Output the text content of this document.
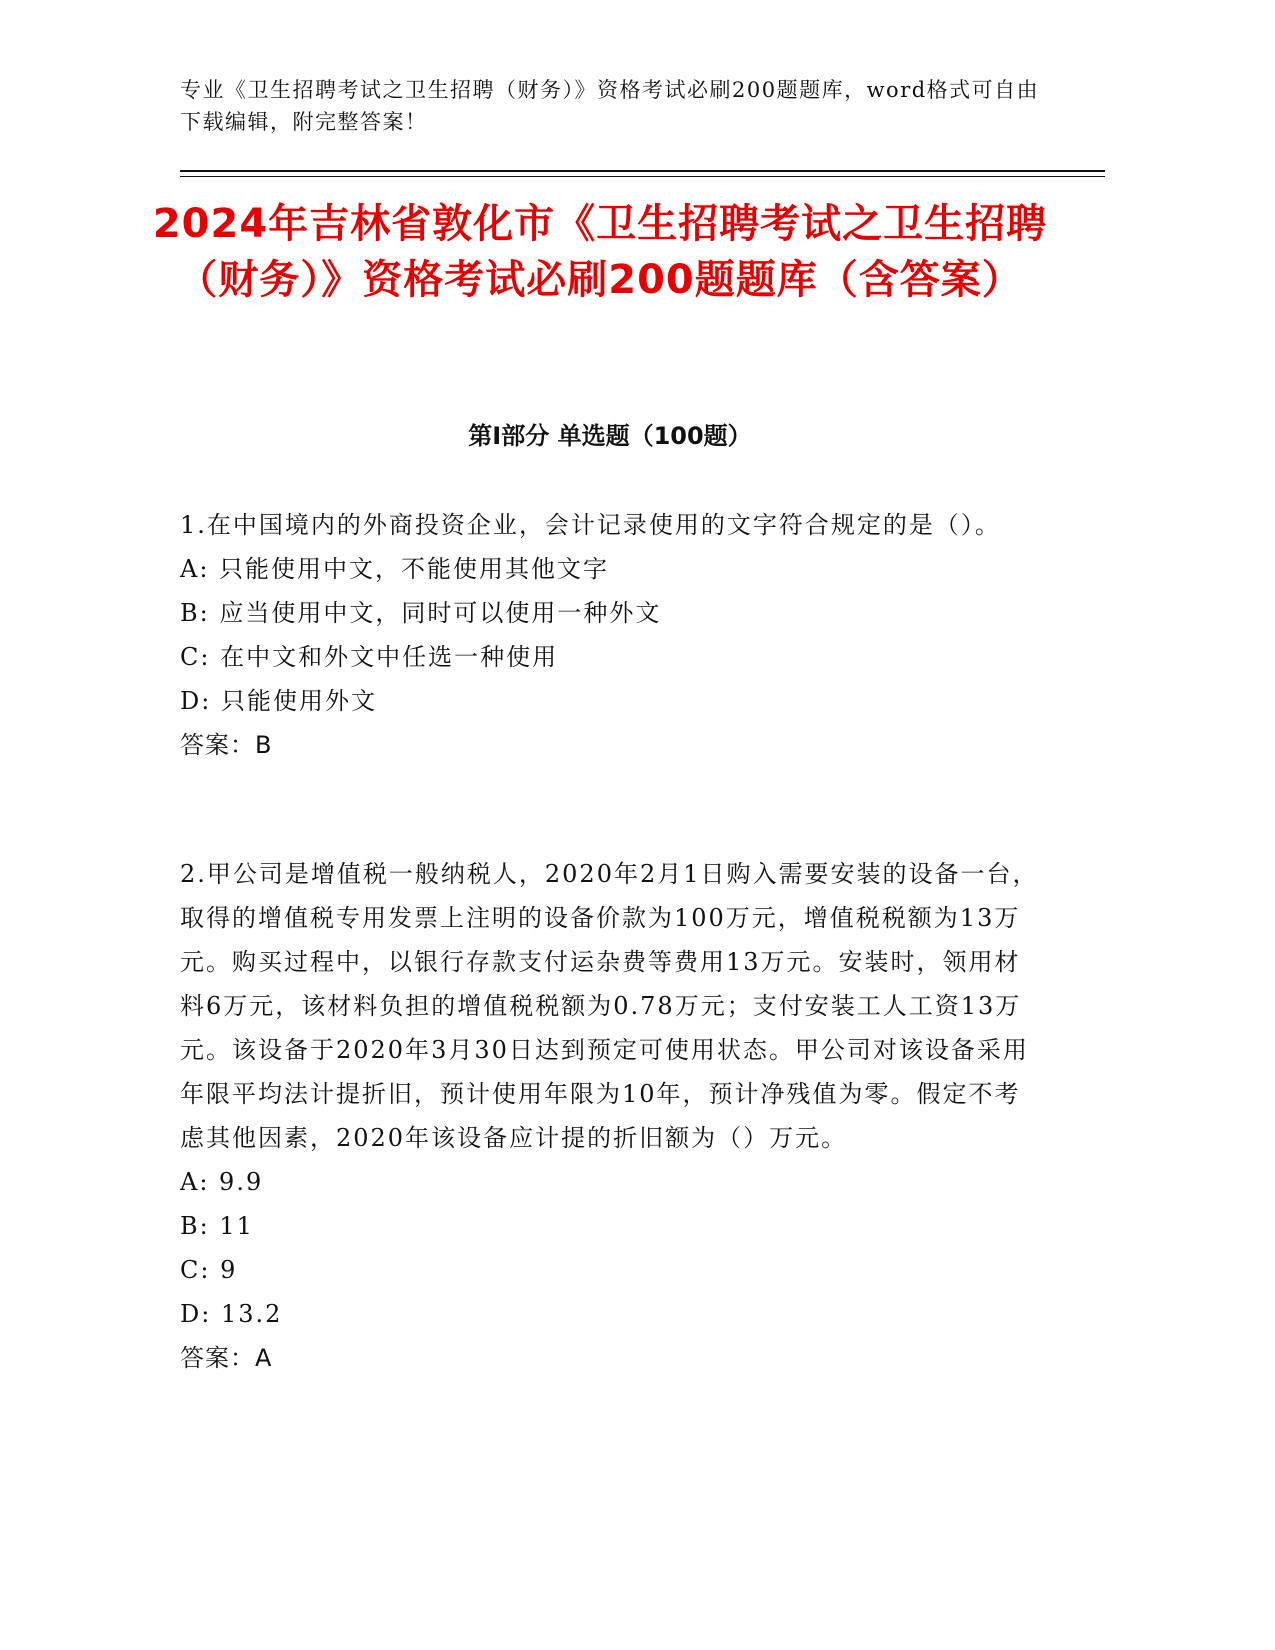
专业《卫生招聘考试之卫生招聘（财务）》资格考试必刷200题题库，word格式可自由下载编辑，附完整答案！
2024年吉林省敦化市《卫生招聘考试之卫生招聘（财务）》资格考试必刷200题题库（含答案）
第I部分 单选题（100题）

1.在中国境内的外商投资企业，会计记录使用的文字符合规定的是（）。

A: 只能使用中文，不能使用其他文字

B: 应当使用中文，同时可以使用一种外文

C: 在中文和外文中任选一种使用

D: 只能使用外文

答案：B

2.甲公司是增值税一般纳税人，2020年2月1日购入需要安装的设备一台，取得的增值税专用发票上注明的设备价款为100万元，增值税税额为13万元。购买过程中，以银行存款支付运杂费等费用13万元。安装时，领用材料6万元，该材料负担的增值税税额为0.78万元；支付安装工人工资13万元。该设备于2020年3月30日达到预定可使用状态。甲公司对该设备采用年限平均法计提折旧，预计使用年限为10年，预计净残值为零。假定不考虑其他因素，2020年该设备应计提的折旧额为（）万元。

A: 9.9

B: 11

C: 9

D: 13.2

答案：A
